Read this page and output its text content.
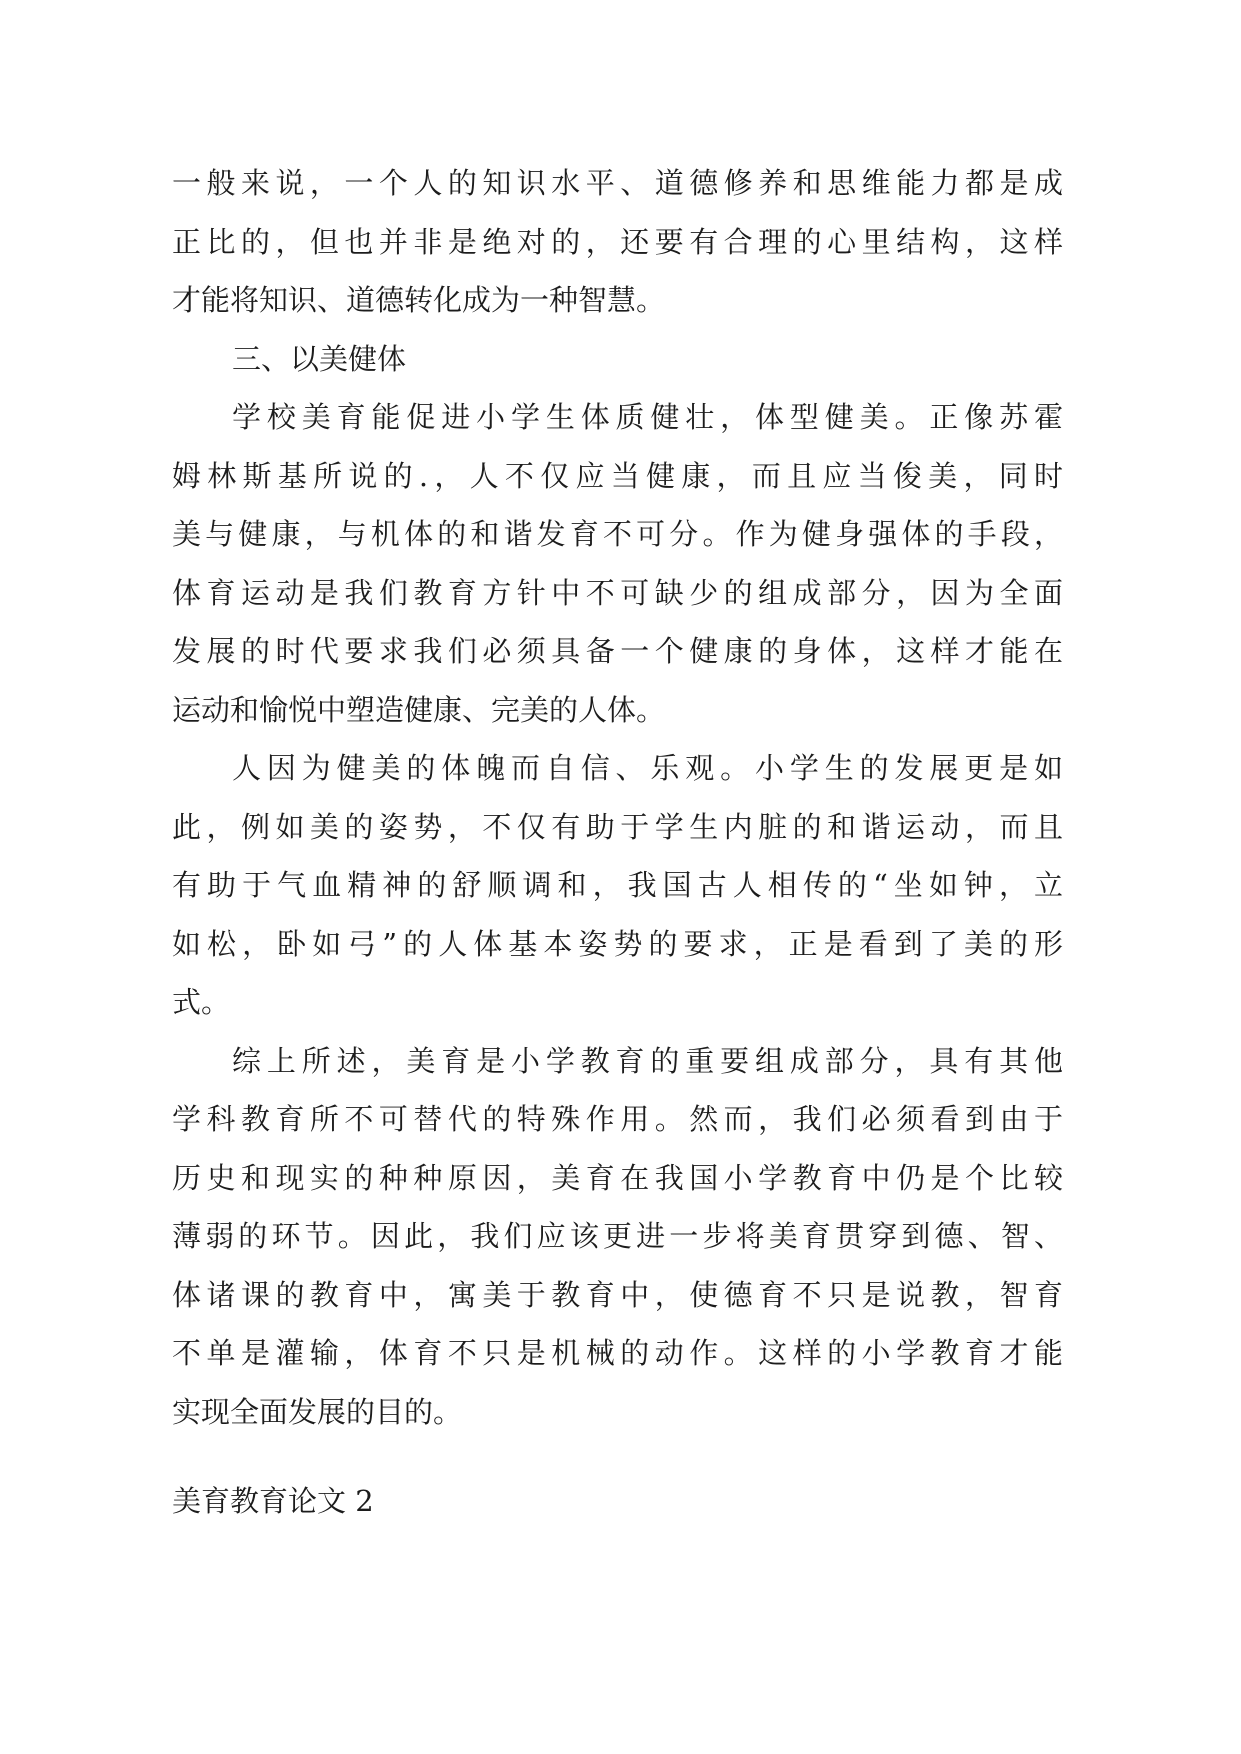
一般来说，一个人的知识水平、道德修养和思维能力都是成
正比的，但也并非是绝对的，还要有合理的心里结构，这样
才能将知识、道德转化成为一种智慧。
三、以美健体
学校美育能促进小学生体质健壮，体型健美。正像苏霍
姆林斯基所说的.，人不仅应当健康，而且应当俊美，同时
美与健康，与机体的和谐发育不可分。作为健身强体的手段，
体育运动是我们教育方针中不可缺少的组成部分，因为全面
发展的时代要求我们必须具备一个健康的身体，这样才能在
运动和愉悦中塑造健康、完美的人体。
人因为健美的体魄而自信、乐观。小学生的发展更是如
此，例如美的姿势，不仅有助于学生内脏的和谐运动，而且
有助于气血精神的舒顺调和，我国古人相传的“坐如钟，立
如松，卧如弓”的人体基本姿势的要求，正是看到了美的形
式。
综上所述，美育是小学教育的重要组成部分，具有其他
学科教育所不可替代的特殊作用。然而，我们必须看到由于
历史和现实的种种原因，美育在我国小学教育中仍是个比较
薄弱的环节。因此，我们应该更进一步将美育贯穿到德、智、
体诸课的教育中，寓美于教育中，使德育不只是说教，智育
不单是灌输，体育不只是机械的动作。这样的小学教育才能
实现全面发展的目的。
美育教育论文 2
